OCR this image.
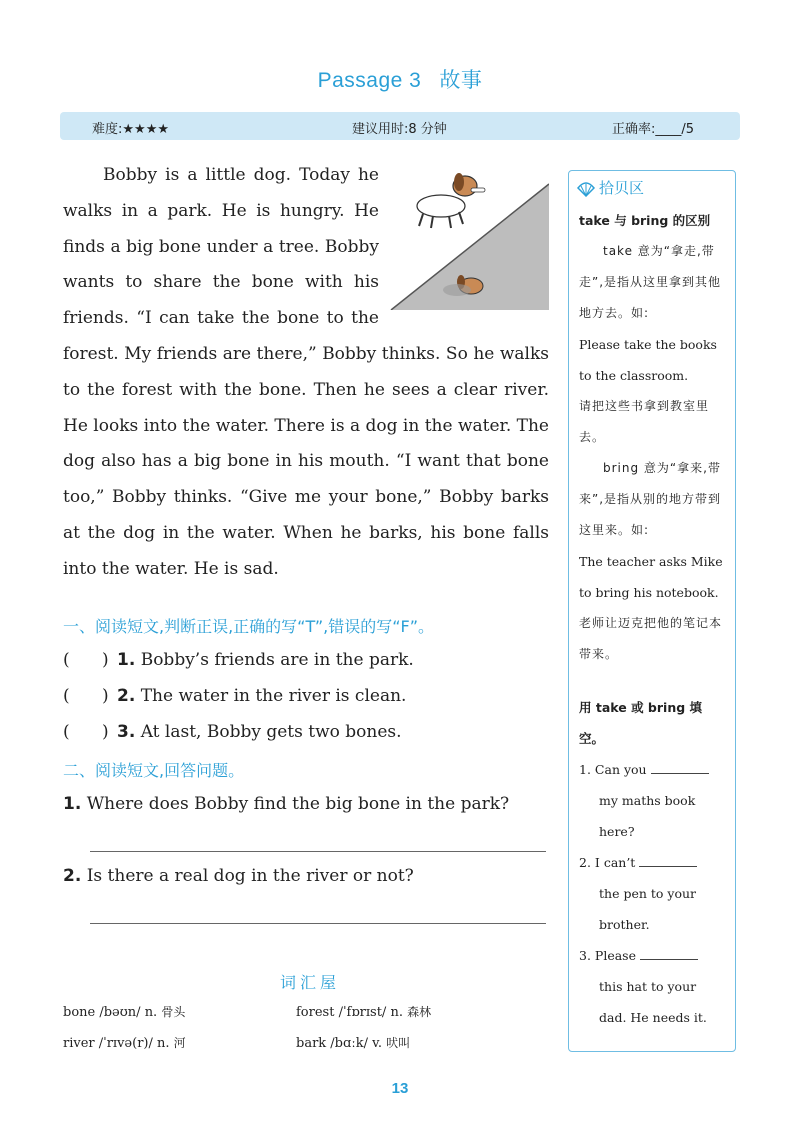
Passage 3 故事
难度:★★★★	建议用时:8 分钟	正确率:____/5

Bobby is a little dog. Today he walks in a park. He is hungry. He finds a big bone under a tree. Bobby wants to share the bone with his friends. “I can take the bone to the forest. My friends are there,” Bobby thinks. So he walks to the forest with the bone. Then he sees a clear river. He looks into the water. There is a dog in the water. The dog also has a big bone in his mouth. “I want that bone too,” Bobby thinks. “Give me your bone,” Bobby barks at the dog in the water. When he barks, his bone falls into the water. He is sad.

一、阅读短文,判断正误,正确的写“T”,错误的写“F”。
(      ) 1. Bobby’s friends are in the park.
(      ) 2. The water in the river is clean.
(      ) 3. At last, Bobby gets two bones.
二、阅读短文,回答问题。
1. Where does Bobby find the big bone in the park?
2. Is there a real dog in the river or not?
词汇屋
bone /bəʊn/ n. 骨头	forest /ˈfɒrɪst/ n. 森林
river /ˈrɪvə(r)/ n. 河	bark /bɑːk/ v. 吠叫
13
拾贝区
take 与 bring 的区别
take 意为“拿走,带走”,是指从这里拿到其他地方去。如:
Please take the books to the classroom.
请把这些书拿到教室里去。
bring 意为“拿来,带来”,是指从别的地方带到这里来。如:
The teacher asks Mike to bring his notebook.
老师让迈克把他的笔记本带来。
用 take 或 bring 填空。
1. Can you
my maths book here?
2. I can’t
the pen to your brother.
3. Please
this hat to your dad. He needs it.
